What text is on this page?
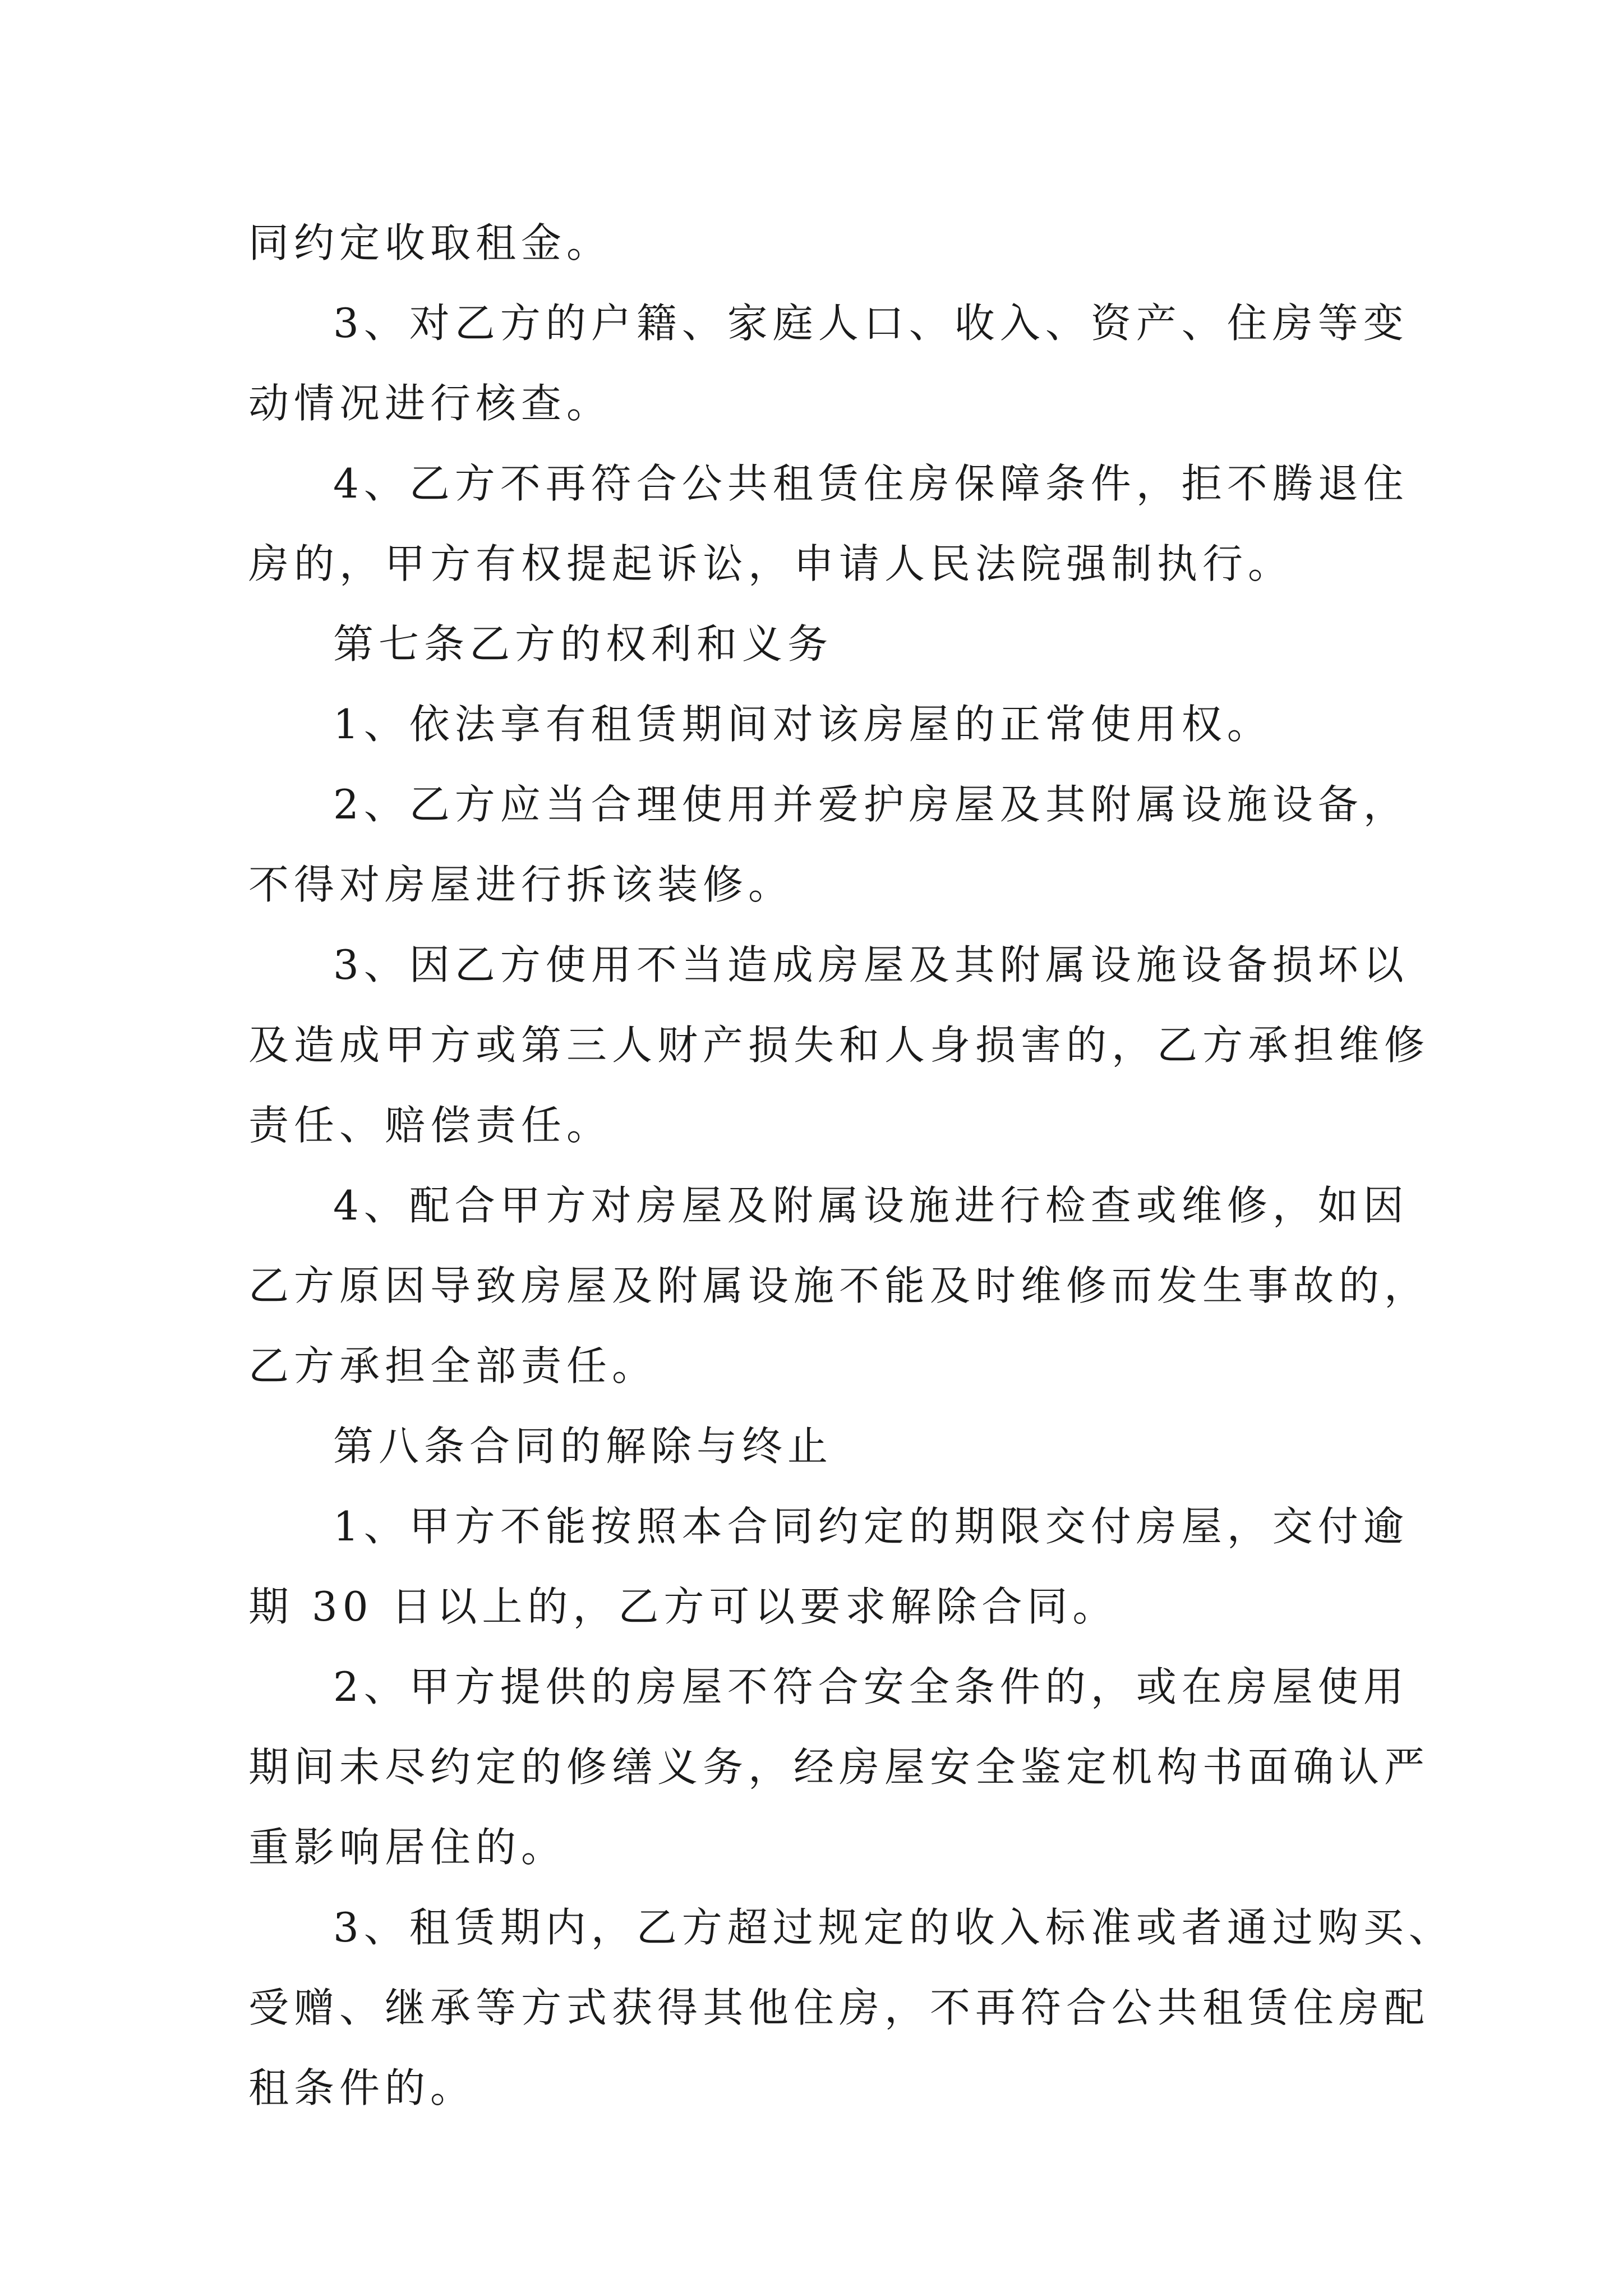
同约定收取租金。
3、对乙方的户籍、家庭人口、收入、资产、住房等变
动情况进行核查。
4、乙方不再符合公共租赁住房保障条件，拒不腾退住
房的，甲方有权提起诉讼，申请人民法院强制执行。
第七条乙方的权利和义务
1、依法享有租赁期间对该房屋的正常使用权。
2、乙方应当合理使用并爱护房屋及其附属设施设备，
不得对房屋进行拆该装修。
3、因乙方使用不当造成房屋及其附属设施设备损坏以
及造成甲方或第三人财产损失和人身损害的，乙方承担维修
责任、赔偿责任。
4、配合甲方对房屋及附属设施进行检查或维修，如因
乙方原因导致房屋及附属设施不能及时维修而发生事故的，
乙方承担全部责任。
第八条合同的解除与终止
1、甲方不能按照本合同约定的期限交付房屋，交付逾
期 30 日以上的，乙方可以要求解除合同。
2、甲方提供的房屋不符合安全条件的，或在房屋使用
期间未尽约定的修缮义务，经房屋安全鉴定机构书面确认严
重影响居住的。
3、租赁期内，乙方超过规定的收入标准或者通过购买、
受赠、继承等方式获得其他住房，不再符合公共租赁住房配
租条件的。
